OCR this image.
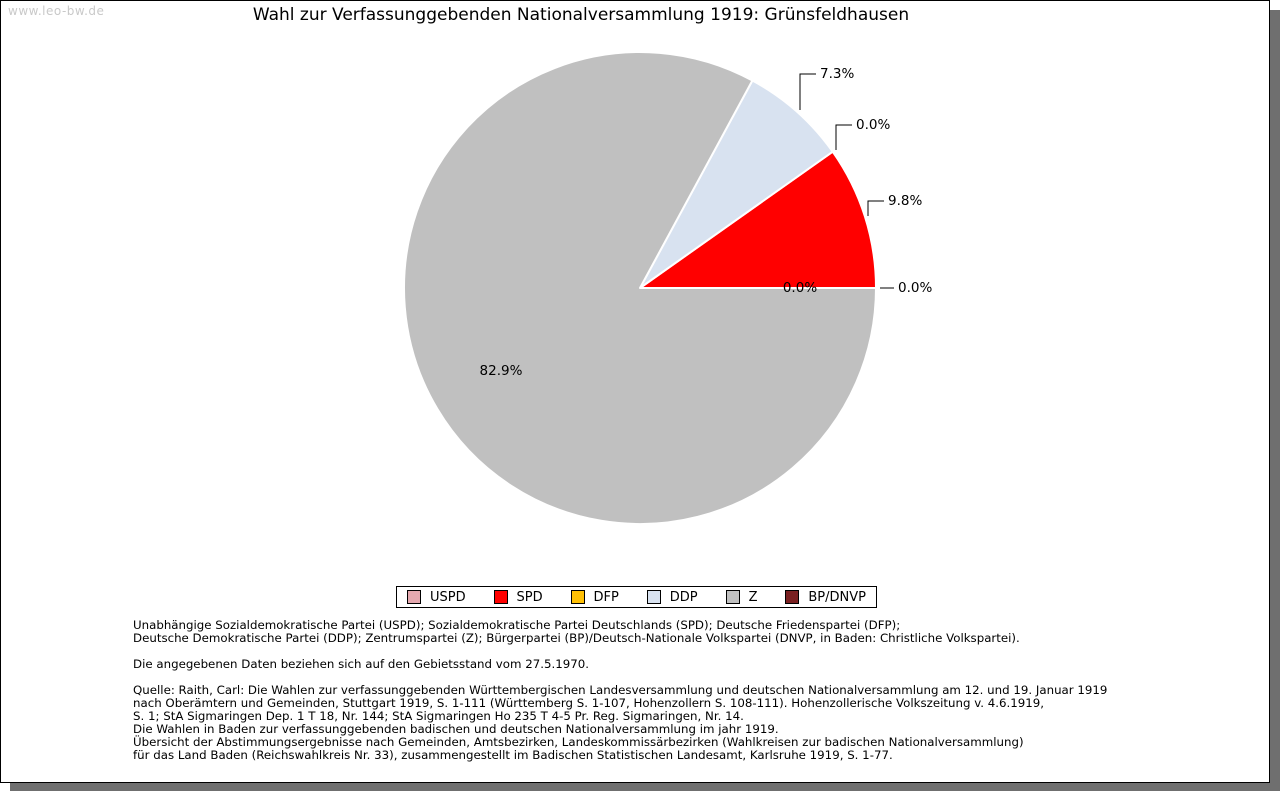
www.leo-bw.de	Wahl zur Verfassunggebenden Nationalversammlung 1919: Grünsfeldhausen
7.3%
0.0%
9.8%
0.0%
0.0%
82.9%
USPD	SPD	DFP	DDP	Z	BP/DNVP
Unabhängige Sozialdemokratische Partei (USPD); Sozialdemokratische Partei Deutschlands (SPD); Deutsche Friedenspartei (DFP);
Deutsche Demokratische Partei (DDP); Zentrumspartei (Z); Bürgerpartei (BP)/Deutsch-Nationale Volkspartei (DNVP, in Baden: Christliche Volkspartei).
Die angegebenen Daten beziehen sich auf den Gebietsstand vom 27.5.1970.
Quelle: Raith, Carl: Die Wahlen zur verfassunggebenden Württembergischen Landesversammlung und deutschen Nationalversammlung am 12. und 19. Januar 1919
nach Oberämtern und Gemeinden, Stuttgart 1919, S. 1-111 (Württemberg S. 1-107, Hohenzollern S. 108-111). Hohenzollerische Volkszeitung v. 4.6.1919,
S. 1; StA Sigmaringen Dep. 1 T 18, Nr. 144; StA Sigmaringen Ho 235 T 4-5 Pr. Reg. Sigmaringen, Nr. 14.
Die Wahlen in Baden zur verfassunggebenden badischen und deutschen Nationalversammlung im jahr 1919.
Übersicht der Abstimmungsergebnisse nach Gemeinden, Amtsbezirken, Landeskommissärbezirken (Wahlkreisen zur badischen Nationalversammlung)
für das Land Baden (Reichswahlkreis Nr. 33), zusammengestellt im Badischen Statistischen Landesamt, Karlsruhe 1919, S. 1-77.
